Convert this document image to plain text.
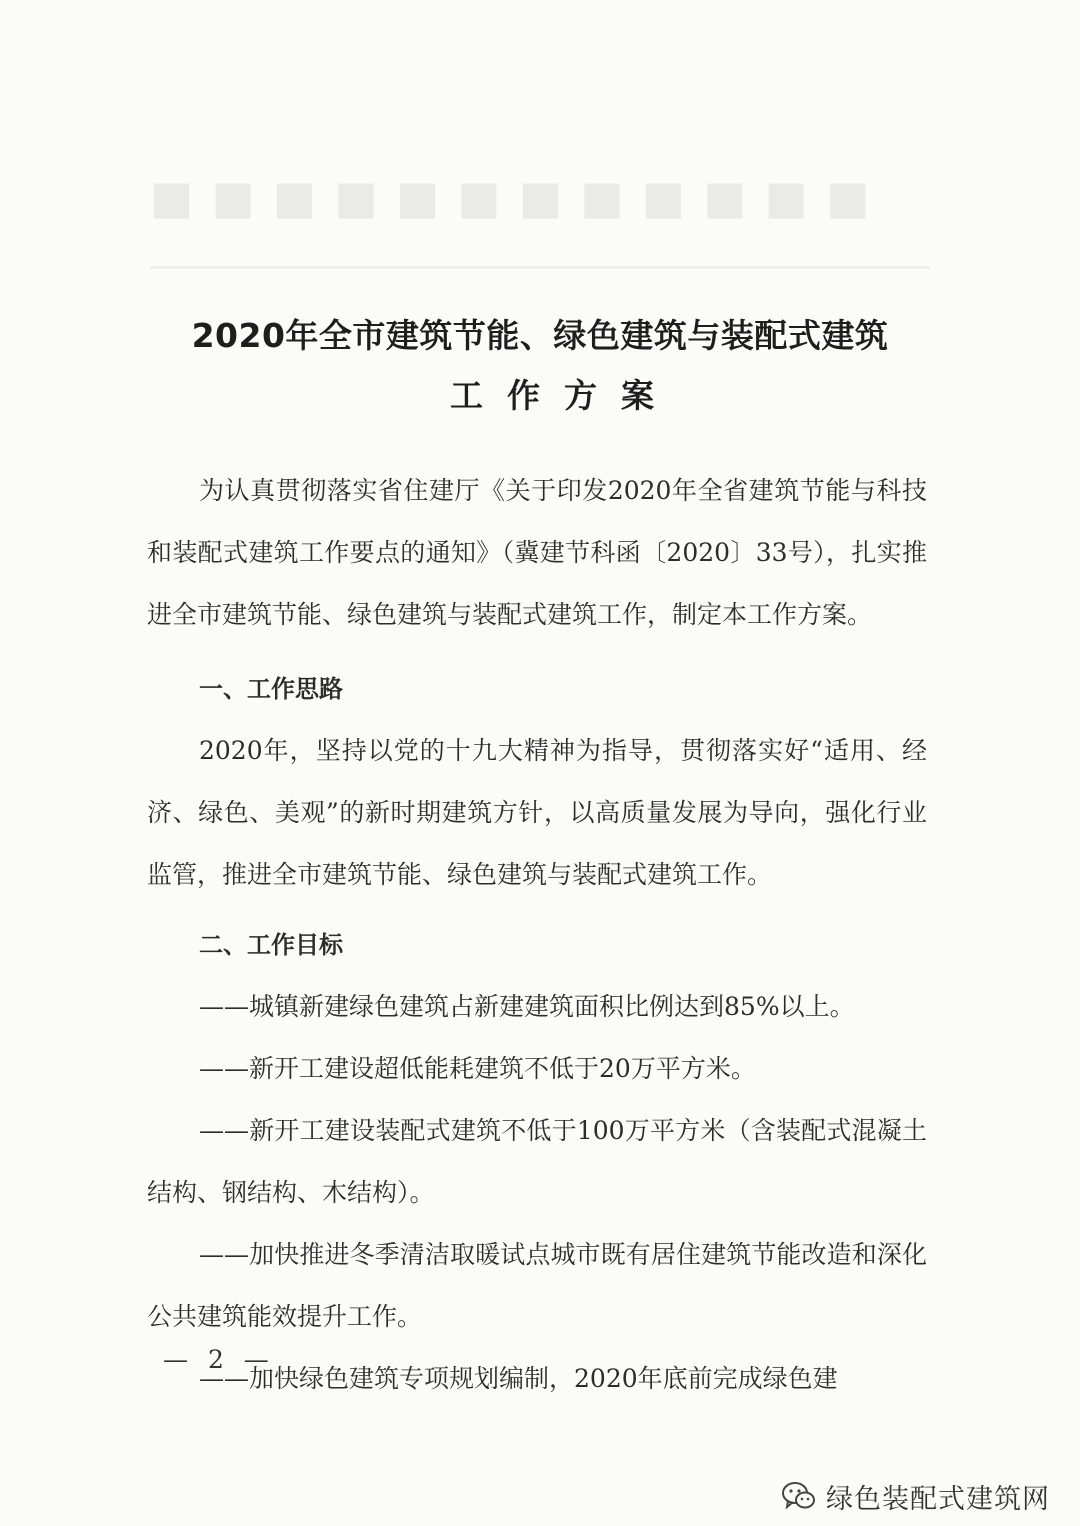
■■■■■■■■■■■■
2020年全市建筑节能、绿色建筑与装配式建筑
工作方案

为认真贯彻落实省住建厅《关于印发2020年全省建筑节能与科技和装配式建筑工作要点的通知》（冀建节科函〔2020〕33号），扎实推进全市建筑节能、绿色建筑与装配式建筑工作，制定本工作方案。

一、工作思路

2020年，坚持以党的十九大精神为指导，贯彻落实好“适用、经济、绿色、美观”的新时期建筑方针，以高质量发展为导向，强化行业监管，推进全市建筑节能、绿色建筑与装配式建筑工作。

二、工作目标

——城镇新建绿色建筑占新建建筑面积比例达到85%以上。

——新开工建设超低能耗建筑不低于20万平方米。

——新开工建设装配式建筑不低于100万平方米（含装配式混凝土结构、钢结构、木结构）。

——加快推进冬季清洁取暖试点城市既有居住建筑节能改造和深化公共建筑能效提升工作。

——加快绿色建筑专项规划编制，2020年底前完成绿色建

— 2 —
绿色装配式建筑网
